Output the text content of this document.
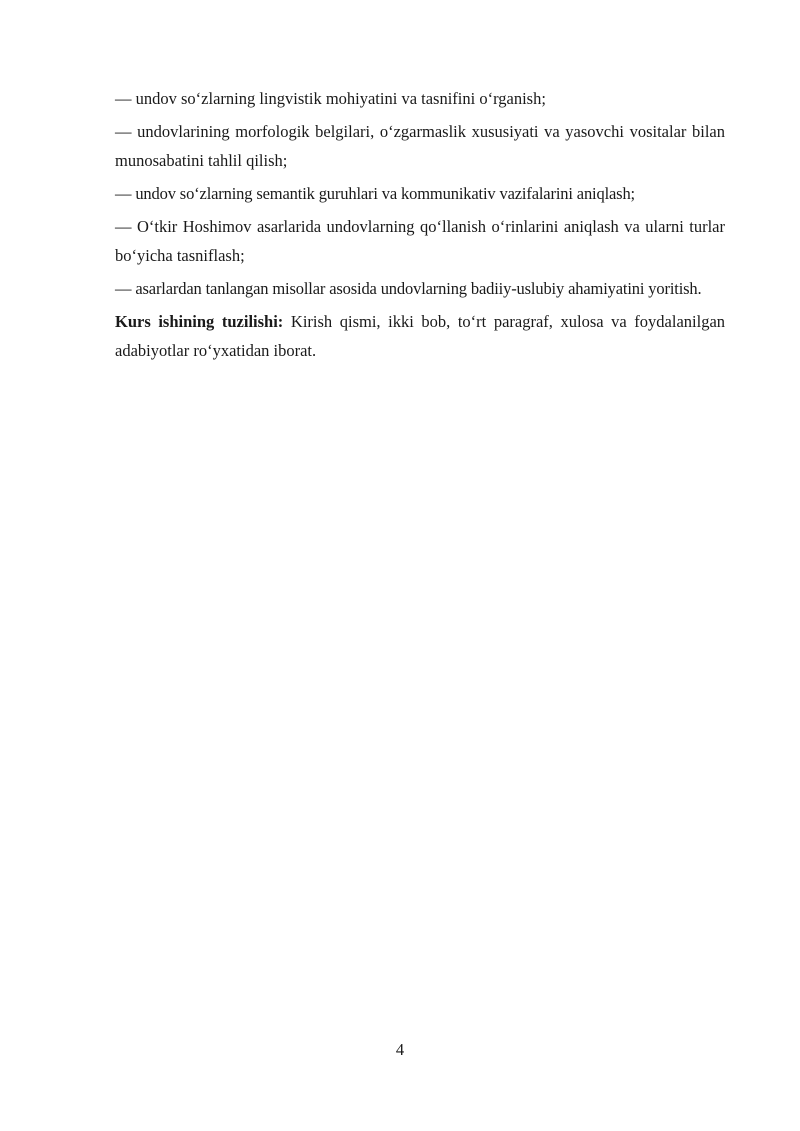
— undov so‘zlarning lingvistik mohiyatini va tasnifini o‘rganish;

— undovlarining morfologik belgilari, o‘zgarmaslik xususiyati va yasovchi vositalar bilan munosabatini tahlil qilish;

— undov so‘zlarning semantik guruhlari va kommunikativ vazifalarini aniqlash;

— O‘tkir Hoshimov asarlarida undovlarning qo‘llanish o‘rinlarini aniqlash va ularni turlar bo‘yicha tasniflash;

— asarlardan tanlangan misollar asosida undovlarning badiiy-uslubiy ahamiyatini yoritish.

Kurs ishining tuzilishi: Kirish qismi, ikki bob, to‘rt paragraf, xulosa va foydalanilgan adabiyotlar ro‘yxatidan iborat.

4
